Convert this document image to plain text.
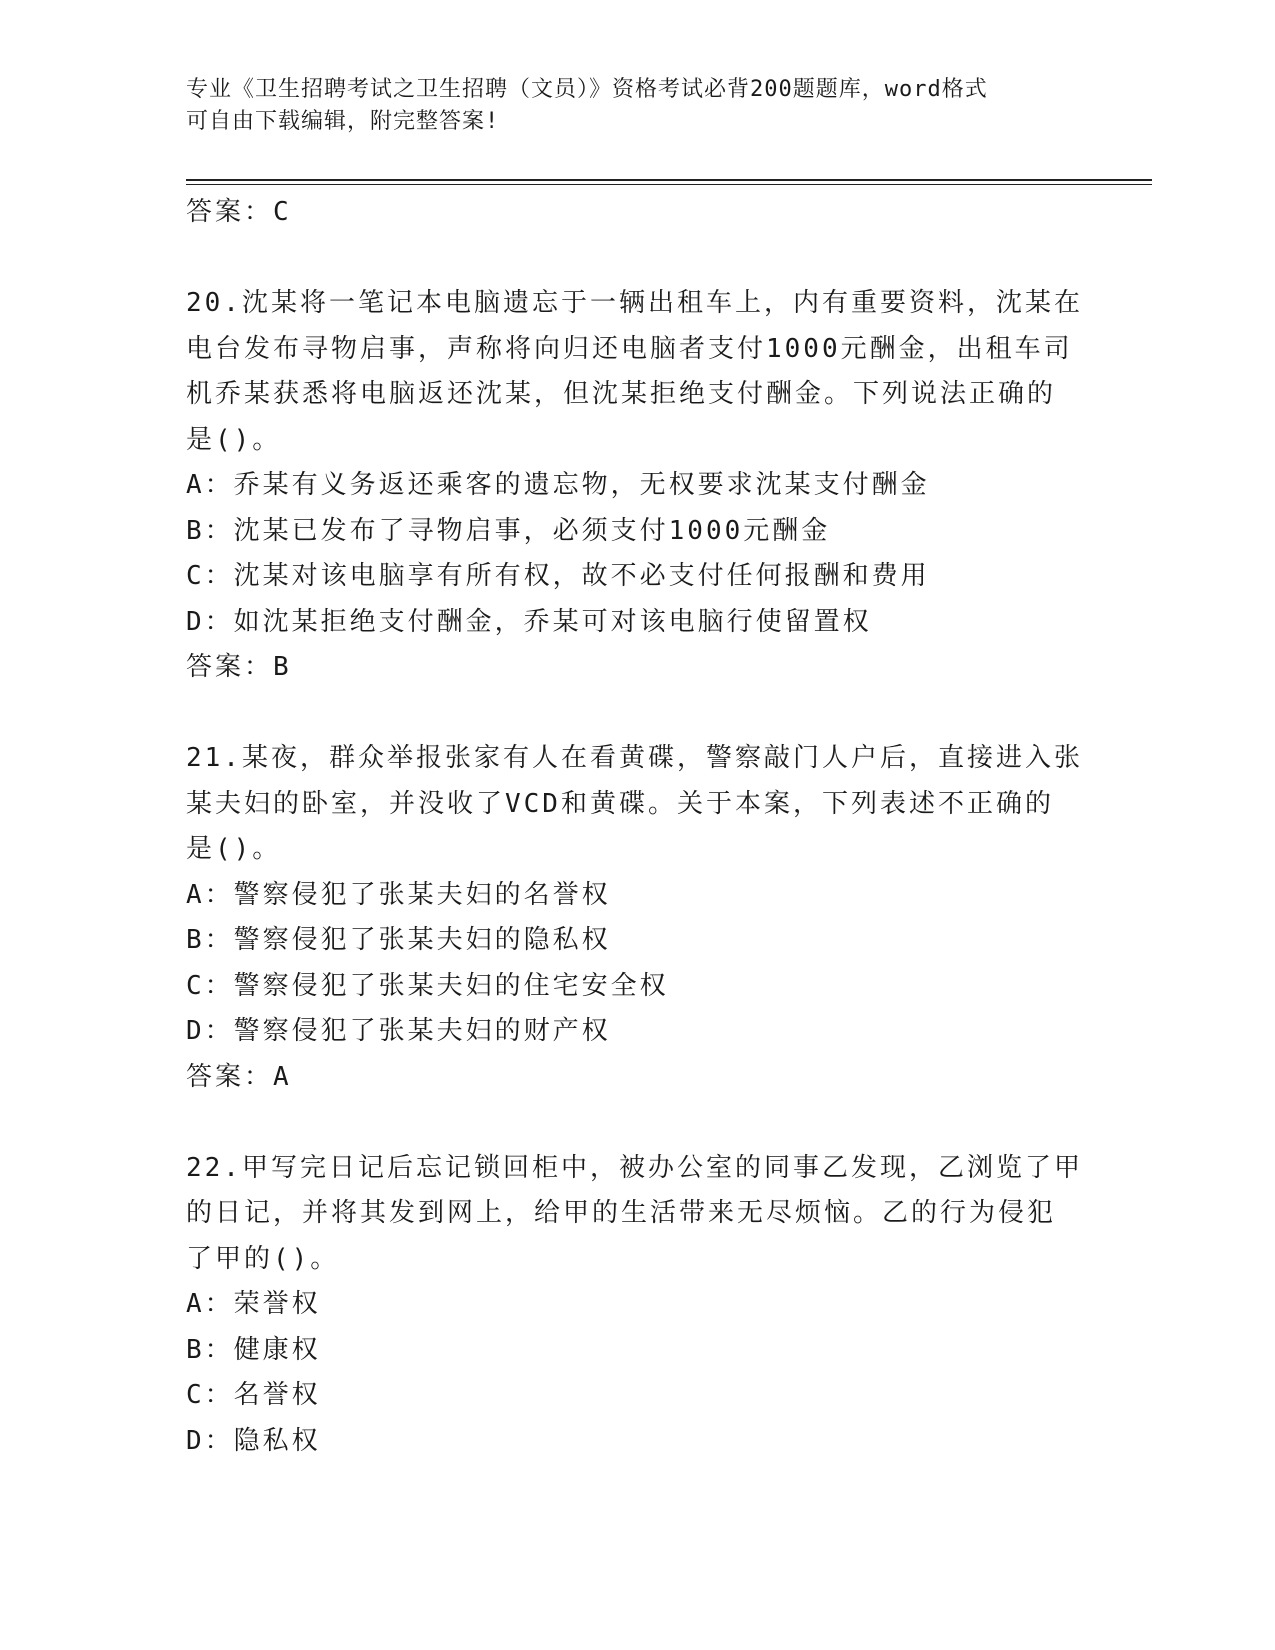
专业《卫生招聘考试之卫生招聘（文员）》资格考试必背200题题库，word格式
可自由下载编辑，附完整答案!
答案：C
20.沈某将一笔记本电脑遗忘于一辆出租车上，内有重要资料，沈某在
电台发布寻物启事，声称将向归还电脑者支付1000元酬金，出租车司
机乔某获悉将电脑返还沈某，但沈某拒绝支付酬金。下列说法正确的
是()。
A：乔某有义务返还乘客的遗忘物，无权要求沈某支付酬金
B：沈某已发布了寻物启事，必须支付1000元酬金
C：沈某对该电脑享有所有权，故不必支付任何报酬和费用
D：如沈某拒绝支付酬金，乔某可对该电脑行使留置权
答案：B
21.某夜，群众举报张家有人在看黄碟，警察敲门人户后，直接进入张
某夫妇的卧室，并没收了VCD和黄碟。关于本案，下列表述不正确的
是()。
A：警察侵犯了张某夫妇的名誉权
B：警察侵犯了张某夫妇的隐私权
C：警察侵犯了张某夫妇的住宅安全权
D：警察侵犯了张某夫妇的财产权
答案：A
22.甲写完日记后忘记锁回柜中，被办公室的同事乙发现，乙浏览了甲
的日记，并将其发到网上，给甲的生活带来无尽烦恼。乙的行为侵犯
了甲的()。
A：荣誉权
B：健康权
C：名誉权
D：隐私权
